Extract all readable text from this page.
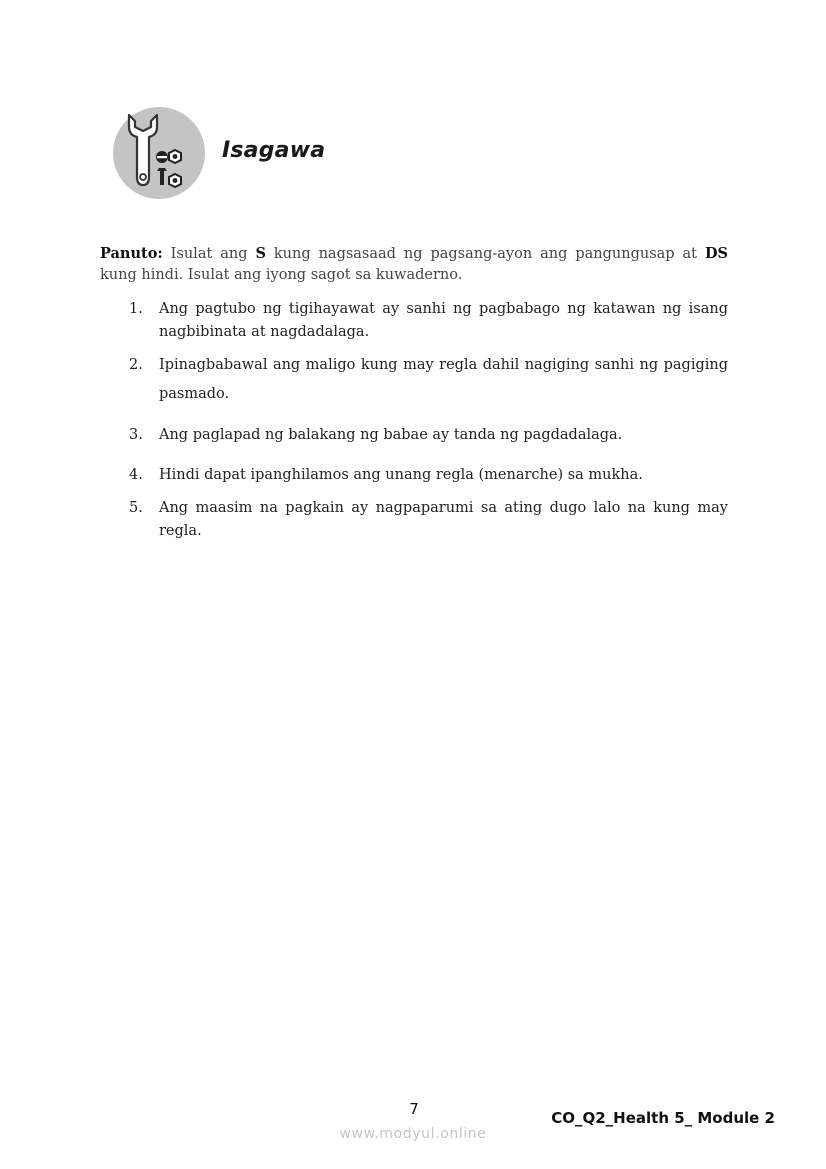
Isagawa
Panuto: Isulat ang S kung nagsasaad ng pagsang-ayon ang pangungusap at DS kung hindi. Isulat ang iyong sagot sa kuwaderno.
1.	Ang pagtubo ng tigihayawat ay sanhi ng pagbabago ng katawan ng isang nagbibinata at nagdadalaga.
2.	Ipinagbabawal ang maligo kung may regla dahil nagiging sanhi ng pagiging pasmado.
3.	Ang paglapad ng balakang ng babae ay tanda ng pagdadalaga.
4.	Hindi dapat ipanghilamos ang unang regla (menarche) sa mukha.
5.	Ang maasim na pagkain ay nagpaparumi sa ating dugo lalo na kung may regla.
7	CO_Q2_Health 5_ Module 2
www.modyul.online
